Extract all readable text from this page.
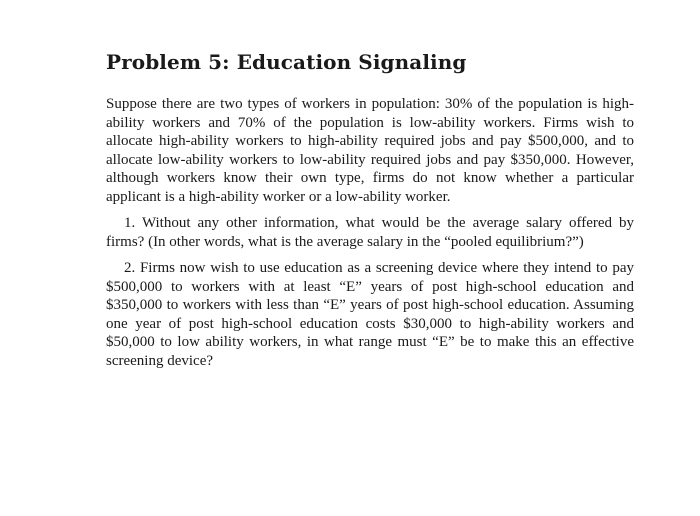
Problem 5: Education Signaling

Suppose there are two types of workers in population: 30% of the population is high-ability workers and 70% of the population is low-ability workers. Firms wish to allocate high-ability workers to high-ability required jobs and pay $500,000, and to allocate low-ability workers to low-ability required jobs and pay $350,000. However, although workers know their own type, firms do not know whether a particular applicant is a high-ability worker or a low-ability worker.

1. Without any other information, what would be the average salary offered by firms? (In other words, what is the average salary in the “pooled equilibrium?”)

2. Firms now wish to use education as a screening device where they intend to pay $500,000 to workers with at least “E” years of post high-school education and $350,000 to workers with less than “E” years of post high-school education. Assuming one year of post high-school education costs $30,000 to high-ability workers and $50,000 to low ability workers, in what range must “E” be to make this an effective screening device?
